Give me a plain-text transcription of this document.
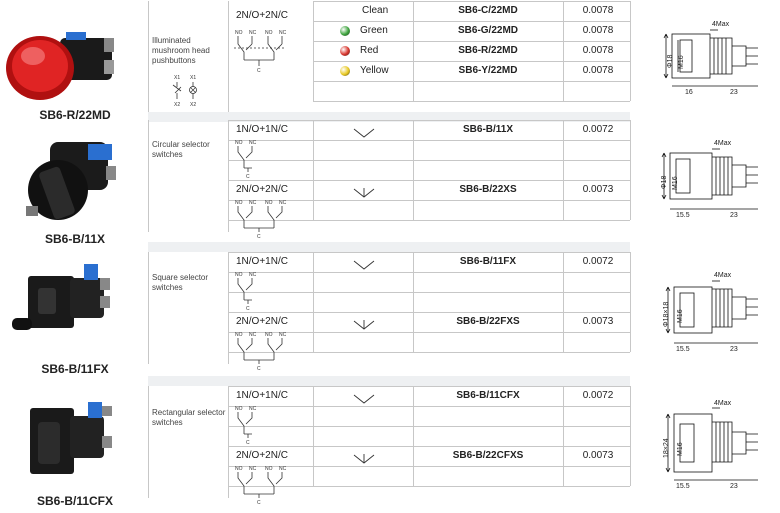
SB6-R/22MD
Illuminated mushroom head pushbuttons
X1 X1
X2 X2
2N/O+2N/C
NO NC NO NC
C
Clean	SB6-C/22MD	0.0078
Green	SB6-G/22MD	0.0078
Red	SB6-R/22MD	0.0078
Yellow	SB6-Y/22MD	0.0078
4Max
Φ18 M16
16	23
SB6-B/11X
Circular selector switches
4Max
Φ18 M16
15.5	23
SB6-B/11FX
Square selector switches
4Max
Φ18×18 M16
15.5	23
SB6-B/11CFX
Rectangular selector switches
4Max
18×24 M16
15.5	23
1N/O+1N/C	SB6-B/11X	0.0072
NO NC
C
2N/O+2N/C	SB6-B/22XS	0.0073
NO NC NO NC
C
1N/O+1N/C	SB6-B/11FX	0.0072
NO NC
C
2N/O+2N/C	SB6-B/22FXS	0.0073
NO NC NO NC
C
1N/O+1N/C	SB6-B/11CFX	0.0072
NO NC
C
2N/O+2N/C	SB6-B/22CFXS	0.0073
NO NC NO NC
C
